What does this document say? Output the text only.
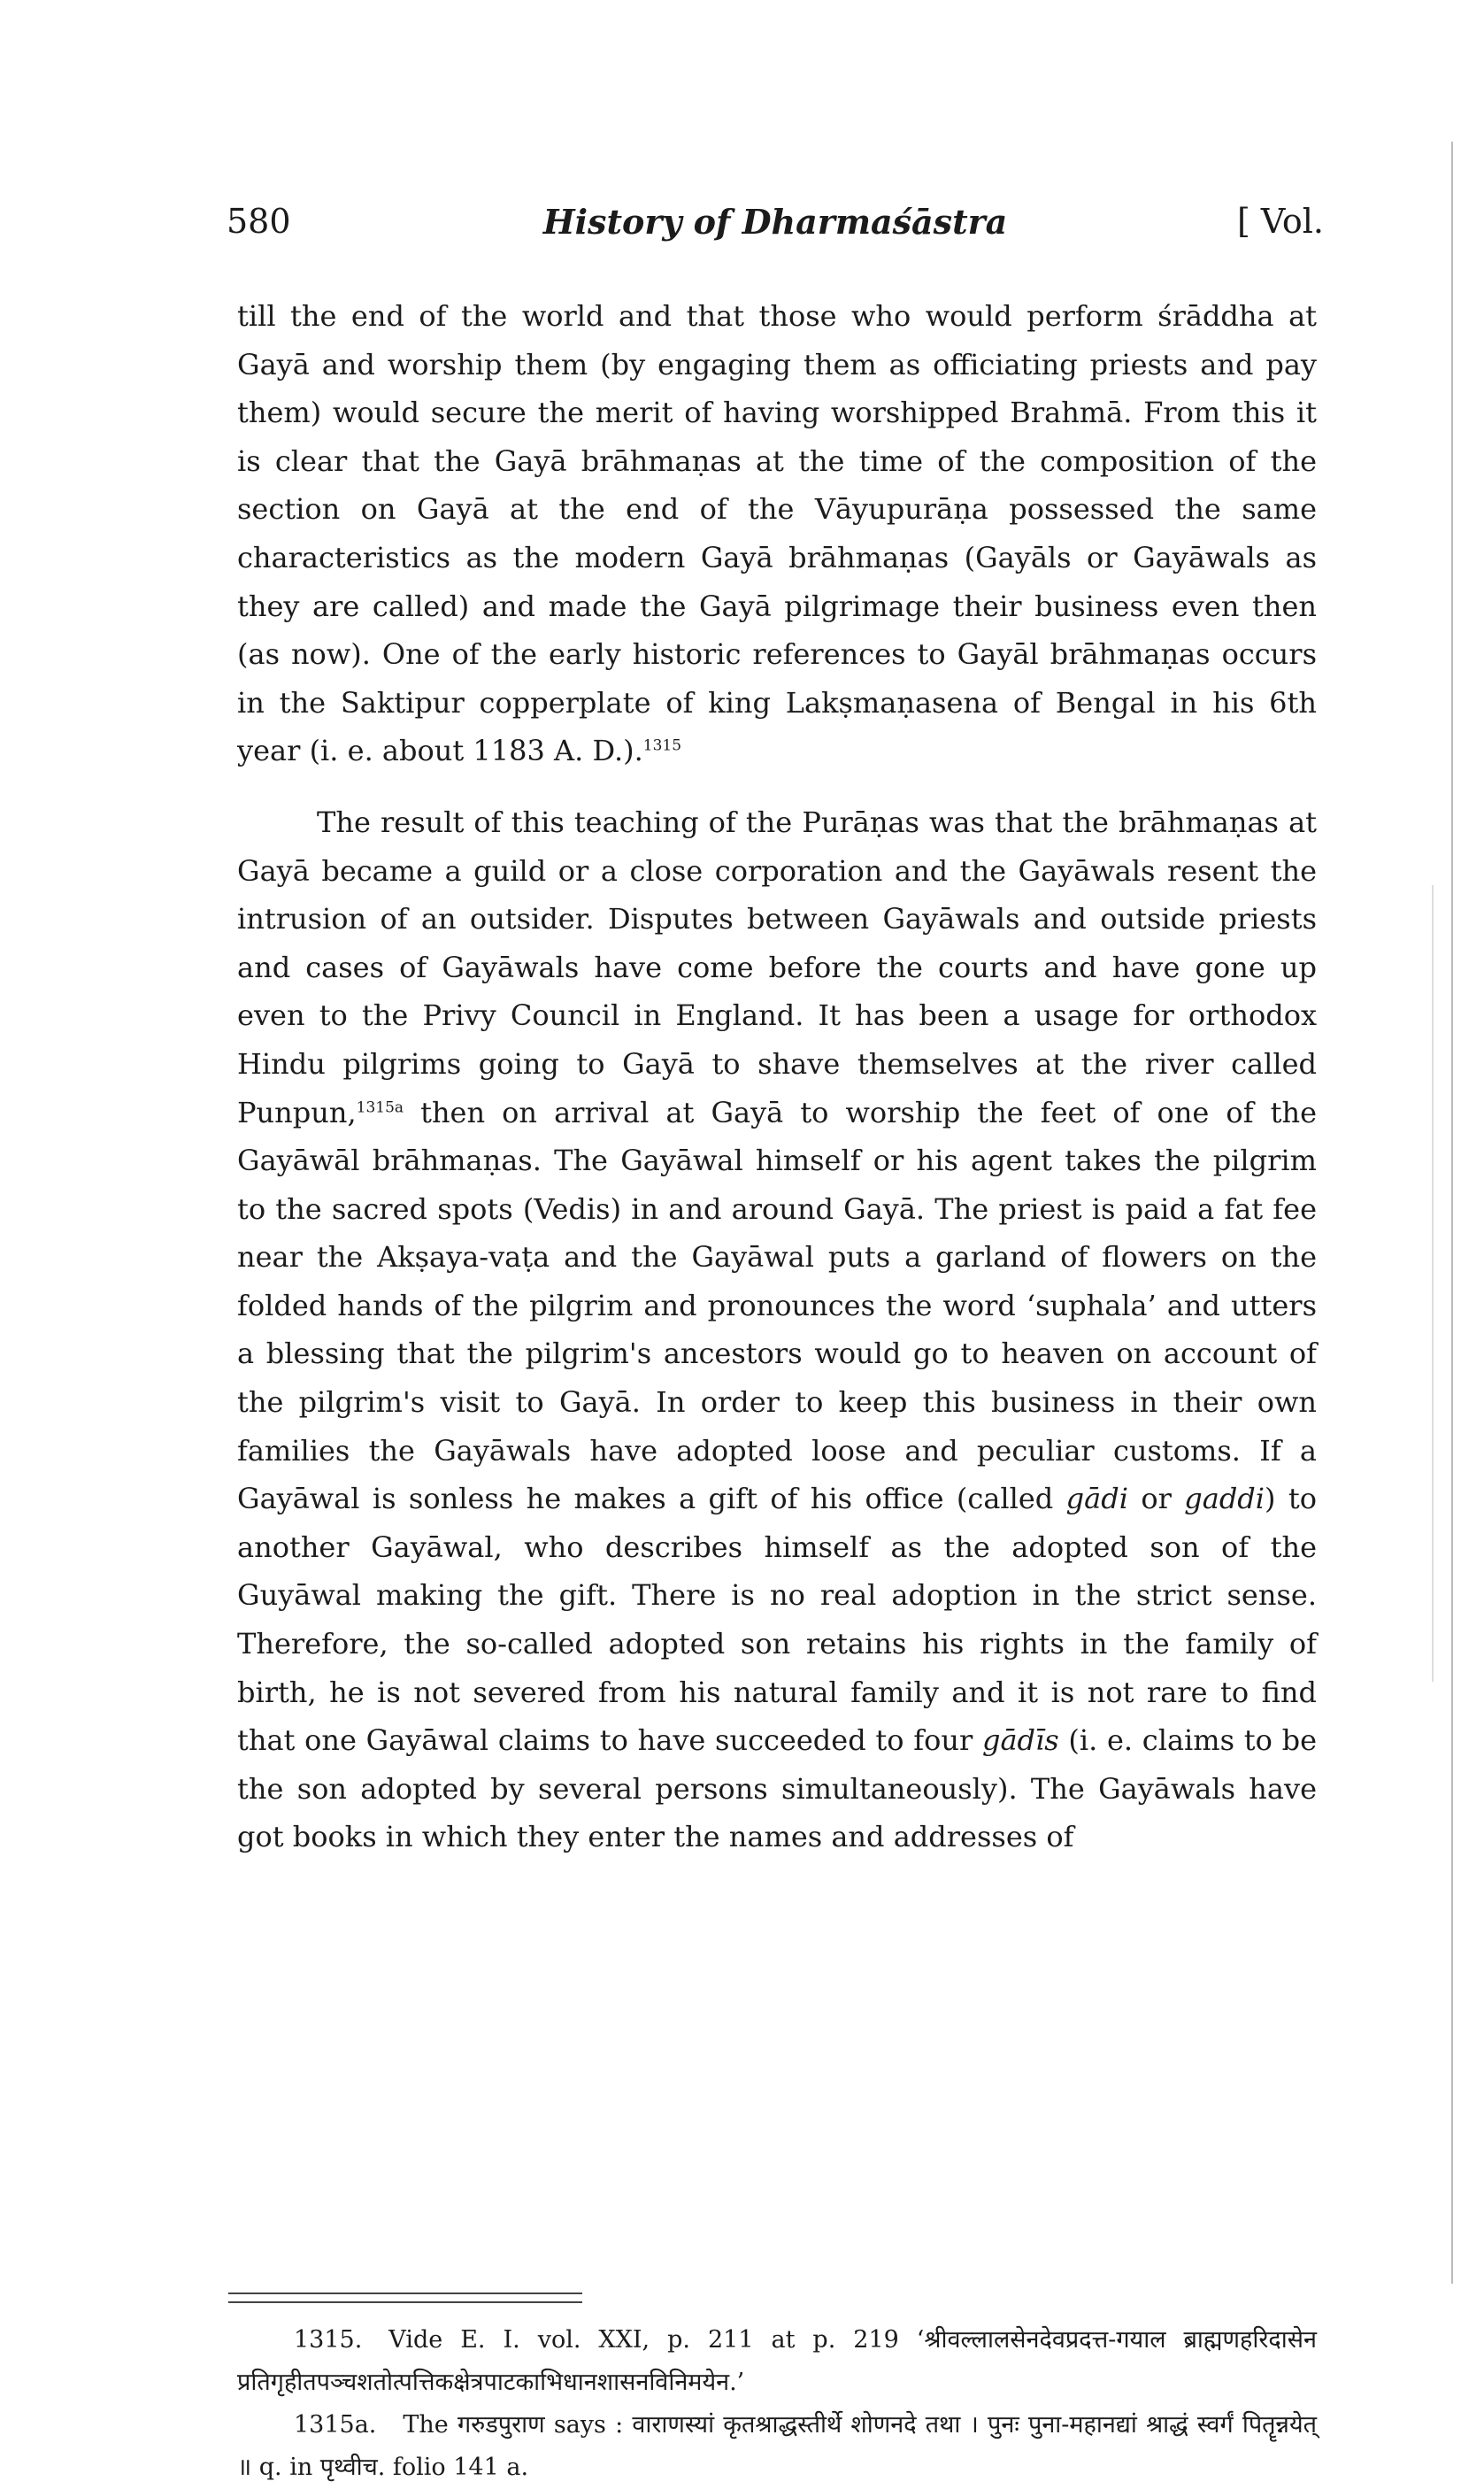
580	History of Dharmaśāstra	[ Vol.

till the end of the world and that those who would perform śrāddha at Gayā and worship them (by engaging them as officiating priests and pay them) would secure the merit of having worshipped Brahmā. From this it is clear that the Gayā brāhmaṇas at the time of the composition of the section on Gayā at the end of the Vāyupurāṇa possessed the same characteristics as the modern Gayā brāhmaṇas (Gayāls or Gayāwals as they are called) and made the Gayā pilgrimage their business even then (as now). One of the early historic references to Gayāl brāhmaṇas occurs in the Saktipur copperplate of king Lakṣmaṇasena of Bengal in his 6th year (i. e. about 1183 A. D.).$^{1315}$

The result of this teaching of the Purāṇas was that the brāhmaṇas at Gayā became a guild or a close corporation and the Gayāwals resent the intrusion of an outsider. Disputes between Gayāwals and outside priests and cases of Gayāwals have come before the courts and have gone up even to the Privy Council in England. It has been a usage for orthodox Hindu pilgrims going to Gayā to shave themselves at the river called Punpun,$^{1315a}$ then on arrival at Gayā to worship the feet of one of the Gayāwāl brāhmaṇas. The Gayāwal himself or his agent takes the pilgrim to the sacred spots (Vedis) in and around Gayā. The priest is paid a fat fee near the Akṣaya-vaṭa and the Gayāwal puts a garland of flowers on the folded hands of the pilgrim and pronounces the word ‘suphala’ and utters a blessing that the pilgrim's ancestors would go to heaven on account of the pilgrim's visit to Gayā. In order to keep this business in their own families the Gayāwals have adopted loose and peculiar customs. If a Gayāwal is sonless he makes a gift of his office (called gādi or gaddi) to another Gayāwal, who describes himself as the adopted son of the Guyāwal making the gift. There is no real adoption in the strict sense. Therefore, the so-called adopted son retains his rights in the family of birth, he is not severed from his natural family and it is not rare to find that one Gayāwal claims to have succeeded to four gādīs (i. e. claims to be the son adopted by several persons simultaneously). The Gayāwals have got books in which they enter the names and addresses of

1315. Vide E. I. vol. XXI, p. 211 at p. 219 ‘श्रीवल्लालसेनदेवप्रदत्त-गयाल ब्राह्मणहरिदासेन प्रतिगृहीतपञ्चशतोत्पत्तिकक्षेत्रपाटकाभिधानशासनविनिमयेन.’

1315a. The गरुडपुराण says : वाराणस्यां कृतश्राद्धस्तीर्थे शोणनदे तथा । पुनः पुना-महानद्यां श्राद्धं स्वर्गं पितॄन्नयेत् ॥ q. in पृथ्वीच. folio 141 a.
